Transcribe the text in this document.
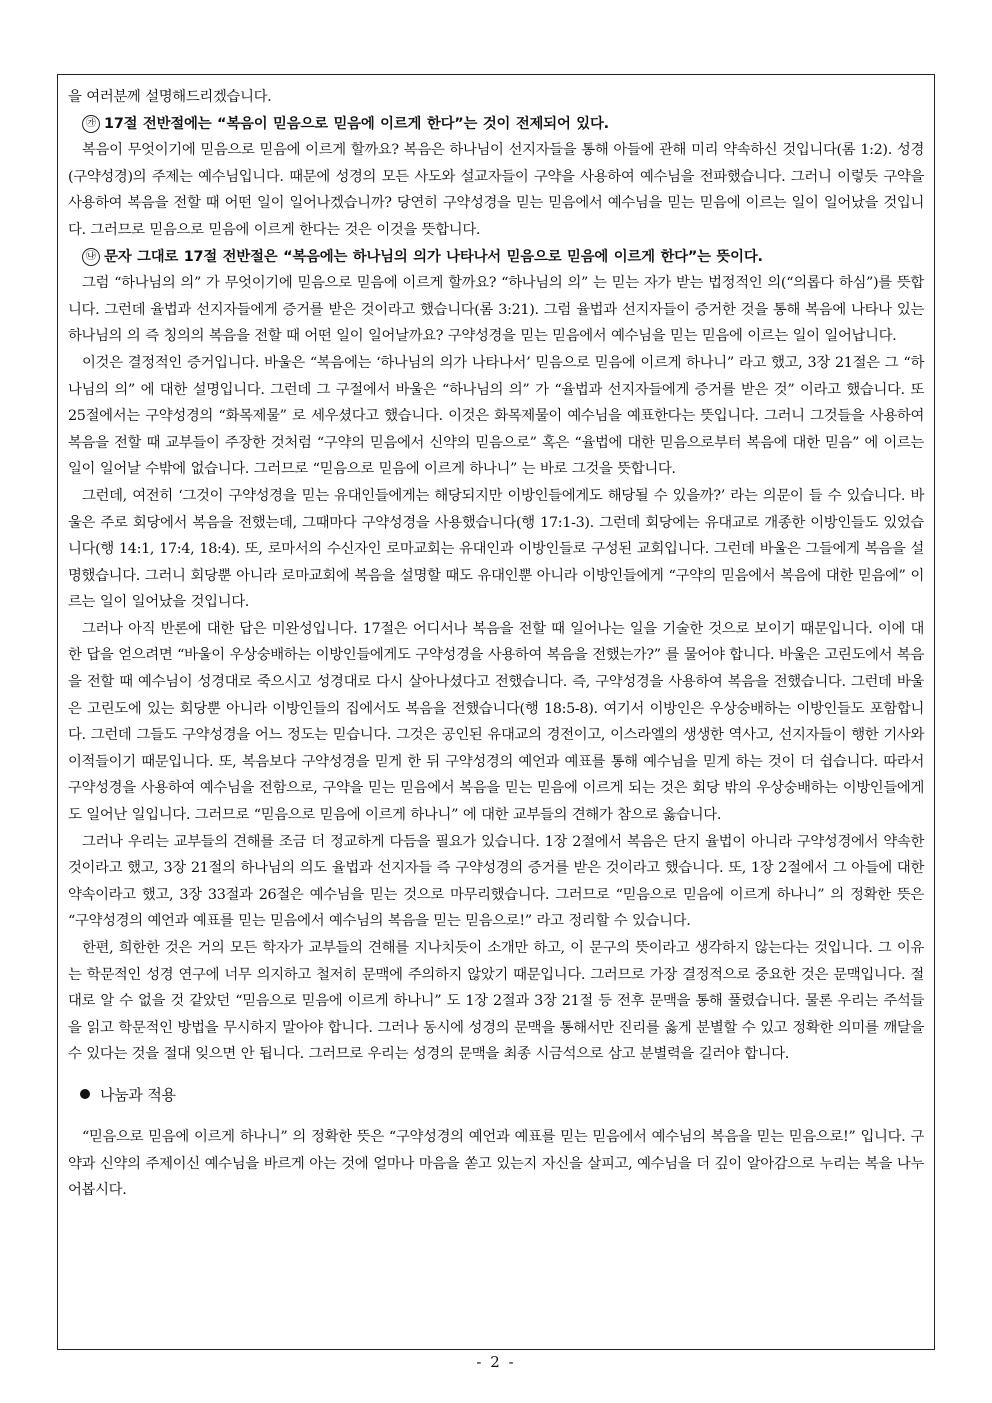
을 여러분께 설명해드리겠습니다.

㉮ 17절 전반절에는 “복음이 믿음으로 믿음에 이르게 한다”는 것이 전제되어 있다.

복음이 무엇이기에 믿음으로 믿음에 이르게 할까요? 복음은 하나님이 선지자들을 통해 아들에 관해 미리 약속하신 것입니다(롬 1:2). 성경(구약성경)의 주제는 예수님입니다. 때문에 성경의 모든 사도와 설교자들이 구약을 사용하여 예수님을 전파했습니다. 그러니 이렇듯 구약을 사용하여 복음을 전할 때 어떤 일이 일어나겠습니까? 당연히 구약성경을 믿는 믿음에서 예수님을 믿는 믿음에 이르는 일이 일어났을 것입니다. 그러므로 믿음으로 믿음에 이르게 한다는 것은 이것을 뜻합니다.

㉯ 문자 그대로 17절 전반절은 “복음에는 하나님의 의가 나타나서 믿음으로 믿음에 이르게 한다”는 뜻이다.

그럼 “하나님의 의” 가 무엇이기에 믿음으로 믿음에 이르게 할까요? “하나님의 의” 는 믿는 자가 받는 법정적인 의(“의롭다 하심”)를 뜻합니다. 그런데 율법과 선지자들에게 증거를 받은 것이라고 했습니다(롬 3:21). 그럼 율법과 선지자들이 증거한 것을 통해 복음에 나타나 있는 하나님의 의 즉 칭의의 복음을 전할 때 어떤 일이 일어날까요? 구약성경을 믿는 믿음에서 예수님을 믿는 믿음에 이르는 일이 일어납니다.

이것은 결정적인 증거입니다. 바울은 “복음에는 ‘하나님의 의가 나타나서’ 믿음으로 믿음에 이르게 하나니” 라고 했고, 3장 21절은 그 “하나님의 의” 에 대한 설명입니다. 그런데 그 구절에서 바울은 “하나님의 의” 가 “율법과 선지자들에게 증거를 받은 것” 이라고 했습니다. 또 25절에서는 구약성경의 “화목제물” 로 세우셨다고 했습니다. 이것은 화목제물이 예수님을 예표한다는 뜻입니다. 그러니 그것들을 사용하여 복음을 전할 때 교부들이 주장한 것처럼 “구약의 믿음에서 신약의 믿음으로” 혹은 “율법에 대한 믿음으로부터 복음에 대한 믿음” 에 이르는 일이 일어날 수밖에 없습니다. 그러므로 “믿음으로 믿음에 이르게 하나니” 는 바로 그것을 뜻합니다.

그런데, 여전히 ‘그것이 구약성경을 믿는 유대인들에게는 해당되지만 이방인들에게도 해당될 수 있을까?’ 라는 의문이 들 수 있습니다. 바울은 주로 회당에서 복음을 전했는데, 그때마다 구약성경을 사용했습니다(행 17:1-3). 그런데 회당에는 유대교로 개종한 이방인들도 있었습니다(행 14:1, 17:4, 18:4). 또, 로마서의 수신자인 로마교회는 유대인과 이방인들로 구성된 교회입니다. 그런데 바울은 그들에게 복음을 설명했습니다. 그러니 회당뿐 아니라 로마교회에 복음을 설명할 때도 유대인뿐 아니라 이방인들에게 “구약의 믿음에서 복음에 대한 믿음에” 이르는 일이 일어났을 것입니다.

그러나 아직 반론에 대한 답은 미완성입니다. 17절은 어디서나 복음을 전할 때 일어나는 일을 기술한 것으로 보이기 때문입니다. 이에 대한 답을 얻으려면 “바울이 우상숭배하는 이방인들에게도 구약성경을 사용하여 복음을 전했는가?” 를 물어야 합니다. 바울은 고린도에서 복음을 전할 때 예수님이 성경대로 죽으시고 성경대로 다시 살아나셨다고 전했습니다. 즉, 구약성경을 사용하여 복음을 전했습니다. 그런데 바울은 고린도에 있는 회당뿐 아니라 이방인들의 집에서도 복음을 전했습니다(행 18:5-8). 여기서 이방인은 우상숭배하는 이방인들도 포함합니다. 그런데 그들도 구약성경을 어느 정도는 믿습니다. 그것은 공인된 유대교의 경전이고, 이스라엘의 생생한 역사고, 선지자들이 행한 기사와 이적들이기 때문입니다. 또, 복음보다 구약성경을 믿게 한 뒤 구약성경의 예언과 예표를 통해 예수님을 믿게 하는 것이 더 쉽습니다. 따라서 구약성경을 사용하여 예수님을 전함으로, 구약을 믿는 믿음에서 복음을 믿는 믿음에 이르게 되는 것은 회당 밖의 우상숭배하는 이방인들에게도 일어난 일입니다. 그러므로 “믿음으로 믿음에 이르게 하나니” 에 대한 교부들의 견해가 참으로 옳습니다.

그러나 우리는 교부들의 견해를 조금 더 정교하게 다듬을 필요가 있습니다. 1장 2절에서 복음은 단지 율법이 아니라 구약성경에서 약속한 것이라고 했고, 3장 21절의 하나님의 의도 율법과 선지자들 즉 구약성경의 증거를 받은 것이라고 했습니다. 또, 1장 2절에서 그 아들에 대한 약속이라고 했고, 3장 33절과 26절은 예수님을 믿는 것으로 마무리했습니다. 그러므로 “믿음으로 믿음에 이르게 하나니” 의 정확한 뜻은 “구약성경의 예언과 예표를 믿는 믿음에서 예수님의 복음을 믿는 믿음으로!” 라고 정리할 수 있습니다.

한편, 희한한 것은 거의 모든 학자가 교부들의 견해를 지나치듯이 소개만 하고, 이 문구의 뜻이라고 생각하지 않는다는 것입니다. 그 이유는 학문적인 성경 연구에 너무 의지하고 철저히 문맥에 주의하지 않았기 때문입니다. 그러므로 가장 결정적으로 중요한 것은 문맥입니다. 절대로 알 수 없을 것 같았던 “믿음으로 믿음에 이르게 하나니” 도 1장 2절과 3장 21절 등 전후 문맥을 통해 풀렸습니다. 물론 우리는 주석들을 읽고 학문적인 방법을 무시하지 말아야 합니다. 그러나 동시에 성경의 문맥을 통해서만 진리를 옳게 분별할 수 있고 정확한 의미를 깨달을 수 있다는 것을 절대 잊으면 안 됩니다. 그러므로 우리는 성경의 문맥을 최종 시금석으로 삼고 분별력을 길러야 합니다.

나눔과 적용

“믿음으로 믿음에 이르게 하나니” 의 정확한 뜻은 “구약성경의 예언과 예표를 믿는 믿음에서 예수님의 복음을 믿는 믿음으로!” 입니다. 구약과 신약의 주제이신 예수님을 바르게 아는 것에 얼마나 마음을 쏟고 있는지 자신을 살피고, 예수님을 더 깊이 알아감으로 누리는 복을 나누어봅시다.

- 2 -
